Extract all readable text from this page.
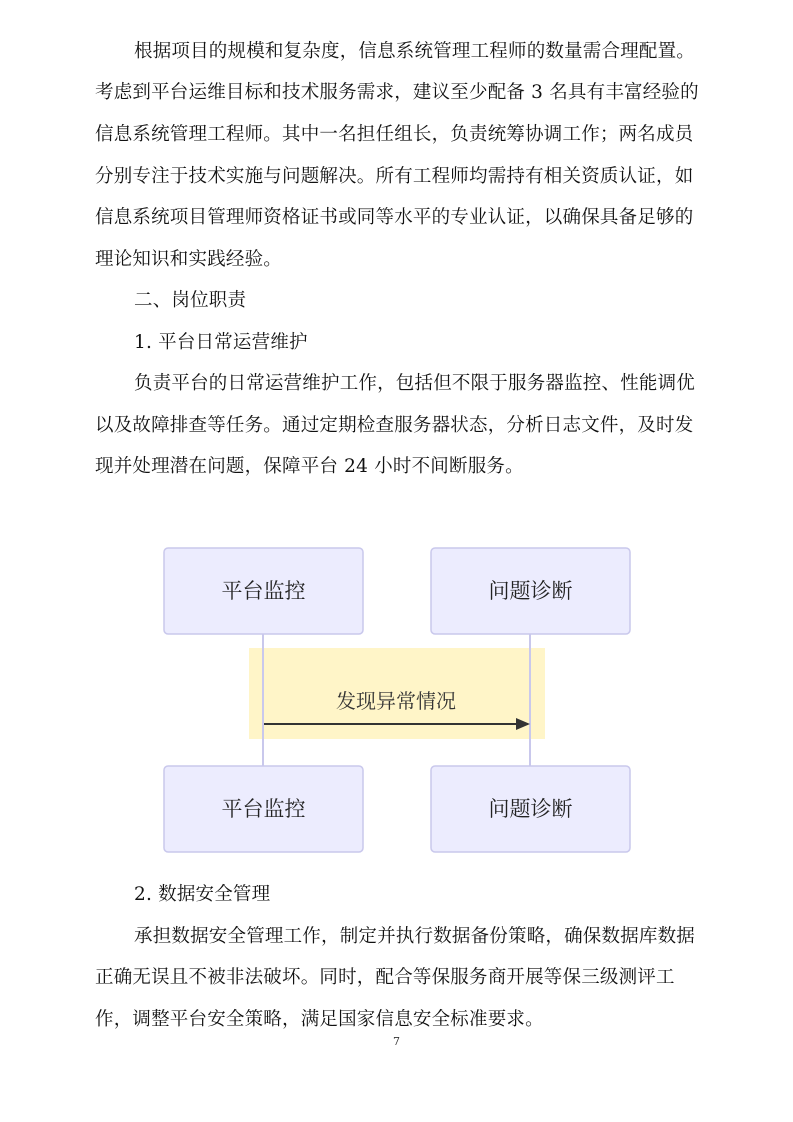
根据项目的规模和复杂度，信息系统管理工程师的数量需合理配置。
考虑到平台运维目标和技术服务需求，建议至少配备 3 名具有丰富经验的
信息系统管理工程师。其中一名担任组长，负责统筹协调工作；两名成员
分别专注于技术实施与问题解决。所有工程师均需持有相关资质认证，如
信息系统项目管理师资格证书或同等水平的专业认证，以确保具备足够的
理论知识和实践经验。
二、岗位职责
1. 平台日常运营维护
负责平台的日常运营维护工作，包括但不限于服务器监控、性能调优
以及故障排查等任务。通过定期检查服务器状态，分析日志文件，及时发
现并处理潜在问题，保障平台 24 小时不间断服务。
平台监控	问题诊断
平台监控	问题诊断
发现异常情况
2. 数据安全管理
承担数据安全管理工作，制定并执行数据备份策略，确保数据库数据
正确无误且不被非法破坏。同时，配合等保服务商开展等保三级测评工
作，调整平台安全策略，满足国家信息安全标准要求。
7
